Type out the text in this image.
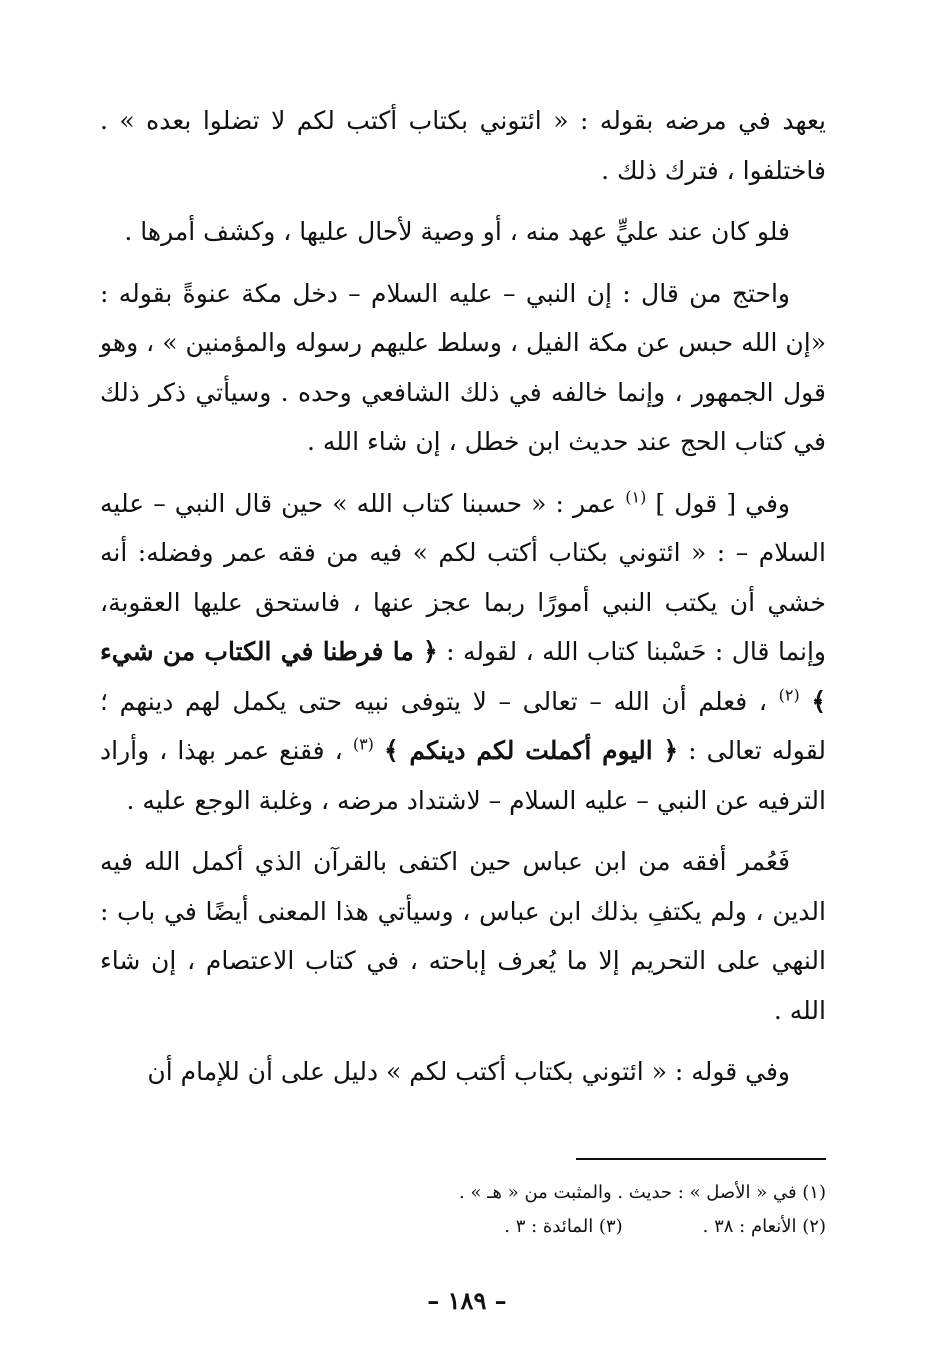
يعهد في مرضه بقوله : « ائتوني بكتاب أكتب لكم لا تضلوا بعده » . فاختلفوا ، فترك ذلك .

فلو كان عند عليٍّ عهد منه ، أو وصية لأحال عليها ، وكشف أمرها .

واحتج من قال : إن النبي – عليه السلام – دخل مكة عنوةً بقوله : «إن الله حبس عن مكة الفيل ، وسلط عليهم رسوله والمؤمنين » ، وهو قول الجمهور ، وإنما خالفه في ذلك الشافعي وحده . وسيأتي ذكر ذلك في كتاب الحج عند حديث ابن خطل ، إن شاء الله .

وفي [ قول ] $^{(١)}$ عمر : « حسبنا كتاب الله » حين قال النبي – عليه السلام – : « ائتوني بكتاب أكتب لكم » فيه من فقه عمر وفضله: أنه خشي أن يكتب النبي أمورًا ربما عجز عنها ، فاستحق عليها العقوبة، وإنما قال : حَسْبنا كتاب الله ، لقوله : ﴿ ما فرطنا في الكتاب من شيء ﴾ $^{(٢)}$ ، فعلم أن الله – تعالى – لا يتوفى نبيه حتى يكمل لهم دينهم ؛ لقوله تعالى : ﴿ اليوم أكملت لكم دينكم ﴾ $^{(٣)}$ ، فقنع عمر بهذا ، وأراد الترفيه عن النبي – عليه السلام – لاشتداد مرضه ، وغلبة الوجع عليه .

فَعُمر أفقه من ابن عباس حين اكتفى بالقرآن الذي أكمل الله فيه الدين ، ولم يكتفِ بذلك ابن عباس ، وسيأتي هذا المعنى أيضًا في باب : النهي على التحريم إلا ما يُعرف إباحته ، في كتاب الاعتصام ، إن شاء الله .

وفي قوله : « ائتوني بكتاب أكتب لكم » دليل على أن للإمام أن

(١) في « الأصل » : حديث . والمثبت من « هـ » .
(٢) الأنعام : ٣٨ .
(٣) المائدة : ٣ .
– ١٨٩ –
